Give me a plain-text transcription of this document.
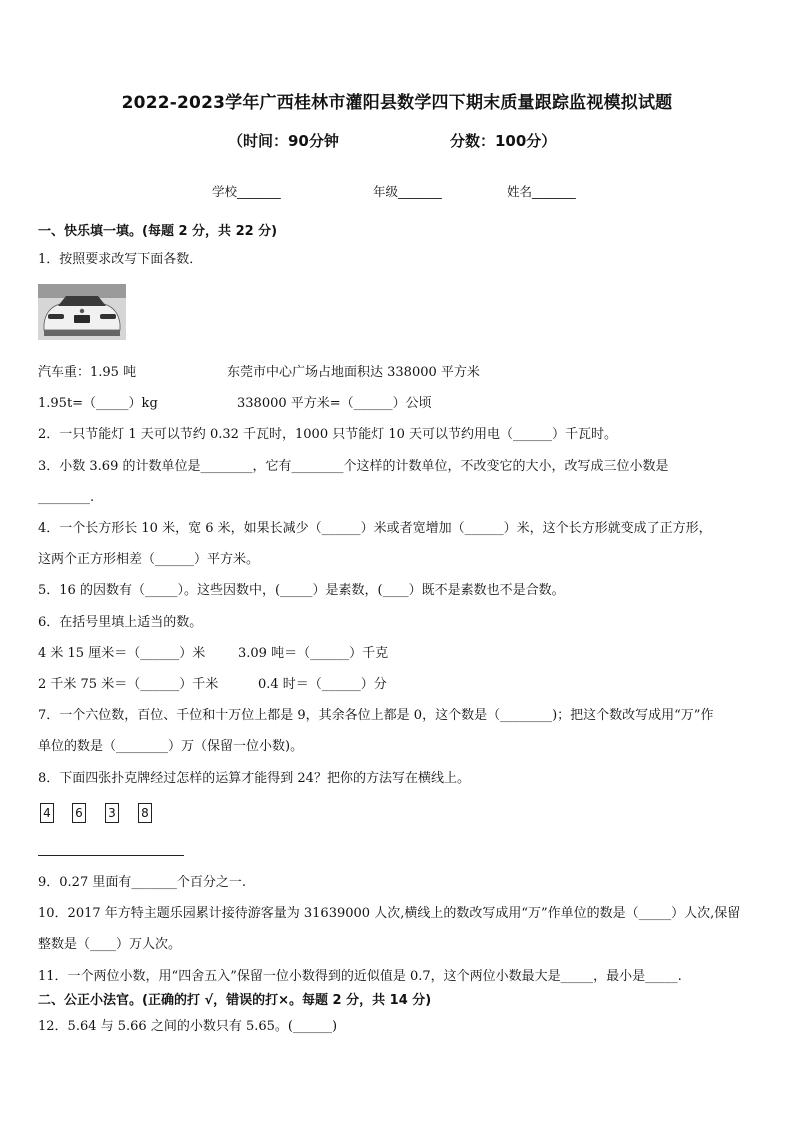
2022-2023学年广西桂林市灌阳县数学四下期末质量跟踪监视模拟试题
（时间：90分钟	分数：100分）
学校_______	年级_______	姓名_______
一、快乐填一填。(每题 2 分，共 22 分)
1．按照要求改写下面各数．
汽车重：1.95 吨	东莞市中心广场占地面积达 338000 平方米
1.95t=（_____）kg	338000 平方米=（______）公顷
2．一只节能灯 1 天可以节约 0.32 千瓦时，1000 只节能灯 10 天可以节约用电（______）千瓦时。
3．小数 3.69 的计数单位是________，它有________个这样的计数单位，不改变它的大小，改写成三位小数是
________.
4．一个长方形长 10 米，宽 6 米，如果长减少（______）米或者宽增加（______）米，这个长方形就变成了正方形，
这两个正方形相差（______）平方米。
5．16 的因数有（_____）。这些因数中，(_____）是素数，(____）既不是素数也不是合数。
6．在括号里填上适当的数。
4 米 15 厘米＝（______）米	3.09 吨＝（______）千克
2 千米 75 米＝（______）千米	0.4 时＝（______）分
7．一个六位数，百位、千位和十万位上都是 9，其余各位上都是 0，这个数是（________)；把这个数改写成用“万”作
单位的数是（________）万（保留一位小数)。
8．下面四张扑克牌经过怎样的运算才能得到 24？把你的方法写在横线上。
4 6 3 8
9．0.27 里面有_______个百分之一.
10．2017 年方特主题乐园累计接待游客量为 31639000 人次,横线上的数改写成用“万”作单位的数是（_____）人次,保留
整数是（____）万人次。
11．一个两位小数，用“四舍五入”保留一位小数得到的近似值是 0.7，这个两位小数最大是_____，最小是_____.
二、公正小法官。(正确的打 √，错误的打×。每题 2 分，共 14 分)
12．5.64 与 5.66 之间的小数只有 5.65。(______)
